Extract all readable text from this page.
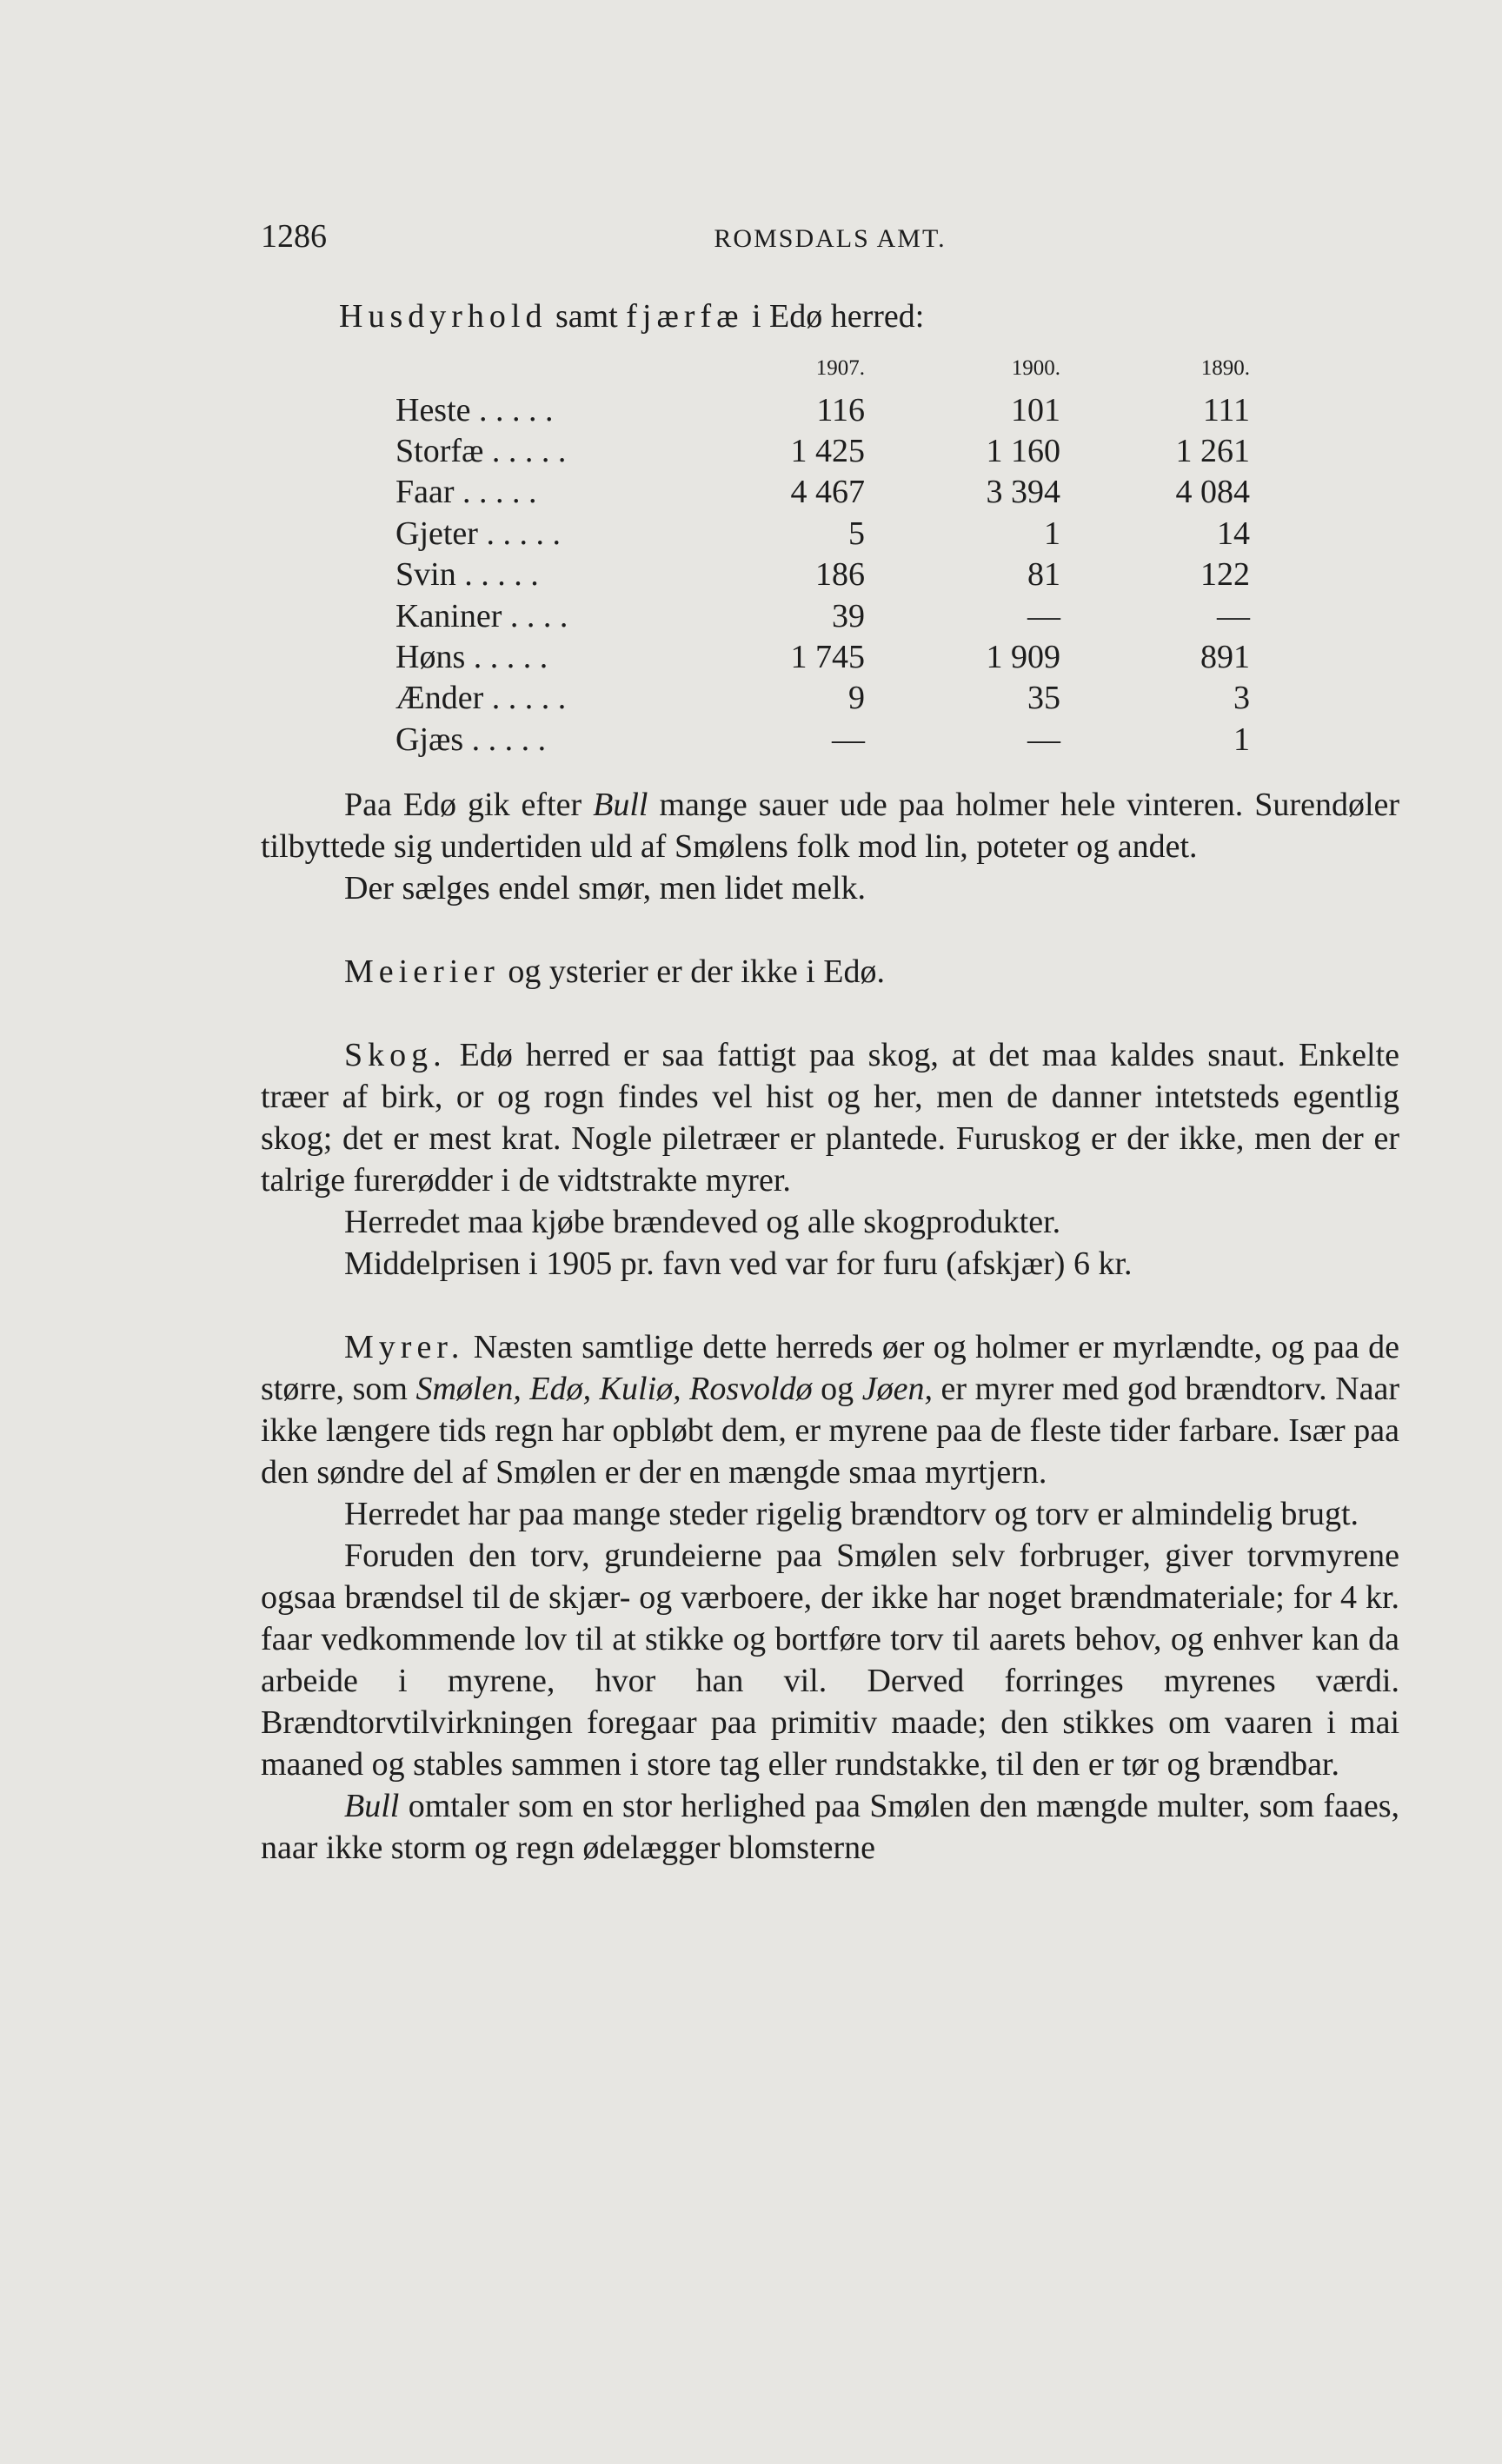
1286	ROMSDALS AMT.
Husdyrhold samt fjærfæ i Edø herred:
	1907.	1900.	1890.
Heste . . . . .	116	101	111
Storfæ . . . . .	1 425	1 160	1 261
Faar . . . . .	4 467	3 394	4 084
Gjeter . . . . .	5	1	14
Svin . . . . .	186	81	122
Kaniner . . . .	39	—	—
Høns . . . . .	1 745	1 909	891
Ænder . . . . .	9	35	3
Gjæs . . . . .	—	—	1

Paa Edø gik efter Bull mange sauer ude paa holmer hele vinteren. Surendøler tilbyttede sig undertiden uld af Smølens folk mod lin, poteter og andet.

Der sælges endel smør, men lidet melk.

Meierier og ysterier er der ikke i Edø.

Skog. Edø herred er saa fattigt paa skog, at det maa kaldes snaut. Enkelte træer af birk, or og rogn findes vel hist og her, men de danner intetsteds egentlig skog; det er mest krat. Nogle piletræer er plantede. Furuskog er der ikke, men der er talrige furerødder i de vidtstrakte myrer.

Herredet maa kjøbe brændeved og alle skogprodukter.

Middelprisen i 1905 pr. favn ved var for furu (afskjær) 6 kr.

Myrer. Næsten samtlige dette herreds øer og holmer er myrlændte, og paa de større, som Smølen, Edø, Kuliø, Rosvoldø og Jøen, er myrer med god brændtorv. Naar ikke længere tids regn har opbløbt dem, er myrene paa de fleste tider farbare. Især paa den søndre del af Smølen er der en mængde smaa myrtjern.

Herredet har paa mange steder rigelig brændtorv og torv er almindelig brugt.

Foruden den torv, grundeierne paa Smølen selv forbruger, giver torvmyrene ogsaa brændsel til de skjær- og værboere, der ikke har noget brændmateriale; for 4 kr. faar vedkommende lov til at stikke og bortføre torv til aarets behov, og enhver kan da arbeide i myrene, hvor han vil. Derved forringes myrenes værdi. Brændtorvtilvirkningen foregaar paa primitiv maade; den stikkes om vaaren i mai maaned og stables sammen i store tag eller rundstakke, til den er tør og brændbar.

Bull omtaler som en stor herlighed paa Smølen den mængde multer, som faaes, naar ikke storm og regn ødelægger blomsterne
